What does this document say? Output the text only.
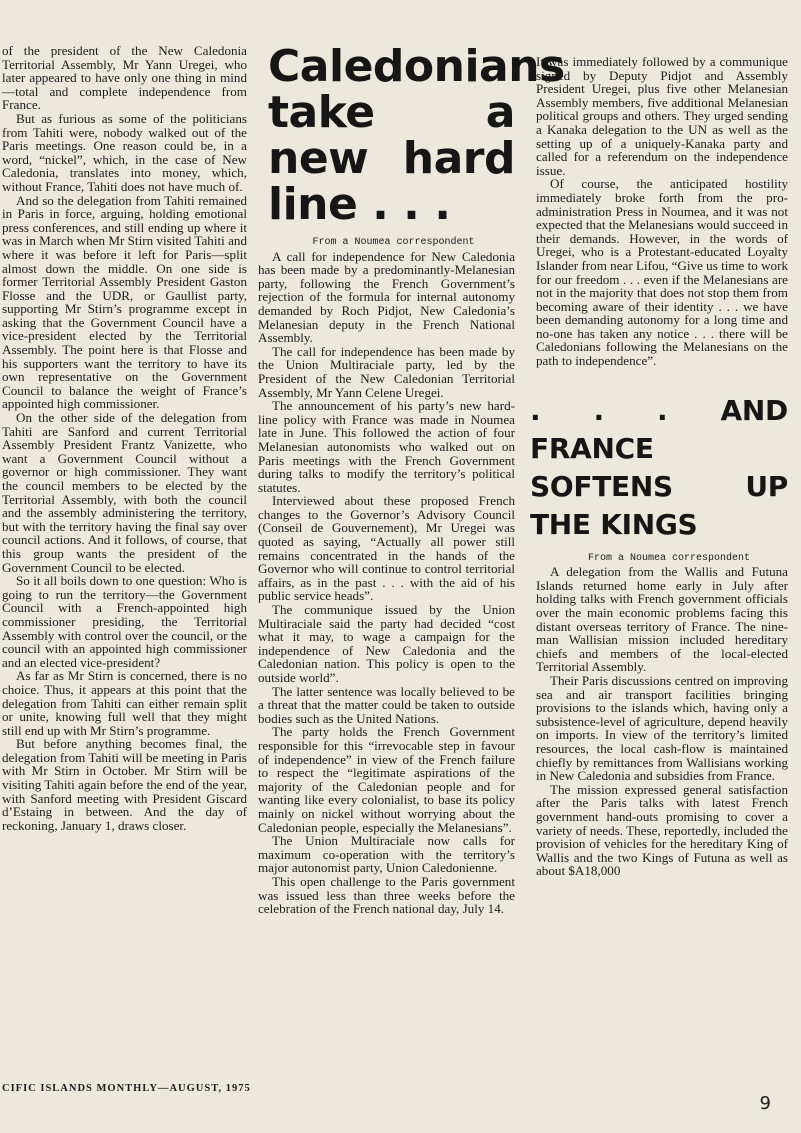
of the president of the New Caledonia Territorial Assembly, Mr Yann Uregei, who later appeared to have only one thing in mind—total and complete independence from France.

But as furious as some of the politicians from Tahiti were, nobody walked out of the Paris meetings. One reason could be, in a word, “nickel”, which, in the case of New Caledonia, translates into money, which, without France, Tahiti does not have much of.

And so the delegation from Tahiti remained in Paris in force, arguing, holding emotional press conferences, and still ending up where it was in March when Mr Stirn visited Tahiti and where it was before it left for Paris—split almost down the middle. On one side is former Territorial Assembly President Gaston Flosse and the UDR, or Gaullist party, supporting Mr Stirn’s programme except in asking that the Government Council have a vice-president elected by the Territorial Assembly. The point here is that Flosse and his supporters want the territory to have its own representative on the Government Council to balance the weight of France’s appointed high commissioner.

On the other side of the delegation from Tahiti are Sanford and current Territorial Assembly President Frantz Vanizette, who want a Government Council without a governor or high commissioner. They want the council members to be elected by the Territorial Assembly, with both the council and the assembly administering the territory, but with the territory having the final say over council actions. And it follows, of course, that this group wants the president of the Government Council to be elected.

So it all boils down to one question: Who is going to run the territory—the Government Council with a French-appointed high commissioner presiding, the Territorial Assembly with control over the council, or the council with an appointed high commissioner and an elected vice-president?

As far as Mr Stirn is concerned, there is no choice. Thus, it appears at this point that the delegation from Tahiti can either remain split or unite, knowing full well that they might still end up with Mr Stirn’s programme.

But before anything becomes final, the delegation from Tahiti will be meeting in Paris with Mr Stirn in October. Mr Stirn will be visiting Tahiti again before the end of the year, with Sanford meeting with President Giscard d’Estaing in between. And the day of reckoning, January 1, draws closer.

Caledonians take a new hard line . . .

From a Noumea correspondent

A call for independence for New Caledonia has been made by a predominantly-Melanesian party, following the French Government’s rejection of the formula for internal autonomy demanded by Roch Pidjot, New Caledonia’s Melanesian deputy in the French National Assembly.

The call for independence has been made by the Union Multiraciale party, led by the President of the New Caledonian Territorial Assembly, Mr Yann Celene Uregei.

The announcement of his party’s new hard-line policy with France was made in Noumea late in June. This followed the action of four Melanesian autonomists who walked out on Paris meetings with the French Government during talks to modify the territory’s political statutes.

Interviewed about these proposed French changes to the Governor’s Advisory Council (Conseil de Gouvernement), Mr Uregei was quoted as saying, “Actually all power still remains concentrated in the hands of the Governor who will continue to control territorial affairs, as in the past . . . with the aid of his public service heads”.

The communique issued by the Union Multiraciale said the party had decided “cost what it may, to wage a campaign for the independence of New Caledonia and the Caledonian nation. This policy is open to the outside world”.

The latter sentence was locally believed to be a threat that the matter could be taken to outside bodies such as the United Nations.

The party holds the French Government responsible for this “irrevocable step in favour of independence” in view of the French failure to respect the “legitimate aspirations of the majority of the Caledonian people and for wanting like every colonialist, to base its policy mainly on nickel without worrying about the Caledonian people, especially the Melanesians”.

The Union Multiraciale now calls for maximum co-operation with the territory’s major autonomist party, Union Caledonienne.

This open challenge to the Paris government was issued less than three weeks before the celebration of the French national day, July 14.

It was immediately followed by a communique signed by Deputy Pidjot and Assembly President Uregei, plus five other Melanesian Assembly members, five additional Melanesian political groups and others. They urged sending a Kanaka delegation to the UN as well as the setting up of a uniquely-Kanaka party and called for a referendum on the independence issue.

Of course, the anticipated hostility immediately broke forth from the pro-administration Press in Noumea, and it was not expected that the Melanesians would succeed in their demands. However, in the words of Uregei, who is a Protestant-educated Loyalty Islander from near Lifou, “Give us time to work for our freedom . . . even if the Melanesians are not in the majority that does not stop them from becoming aware of their identity . . . we have been demanding autonomy for a long time and no-one has taken any notice . . . there will be Caledonians following the Melanesians on the path to independence”.

. . . AND FRANCE SOFTENS UP THE KINGS

From a Noumea correspondent

A delegation from the Wallis and Futuna Islands returned home early in July after holding talks with French government officials over the main economic problems facing this distant overseas territory of France. The nine-man Wallisian mission included hereditary chiefs and members of the local-elected Territorial Assembly.

Their Paris discussions centred on improving sea and air transport facilities bringing provisions to the islands which, having only a subsistence-level of agriculture, depend heavily on imports. In view of the territory’s limited resources, the local cash-flow is maintained chiefly by remittances from Wallisians working in New Caledonia and subsidies from France.

The mission expressed general satisfaction after the Paris talks with latest French government hand-outs promising to cover a variety of needs. These, reportedly, included the provision of vehicles for the hereditary King of Wallis and the two Kings of Futuna as well as about $A18,000

CIFIC ISLANDS MONTHLY—AUGUST, 1975
9
